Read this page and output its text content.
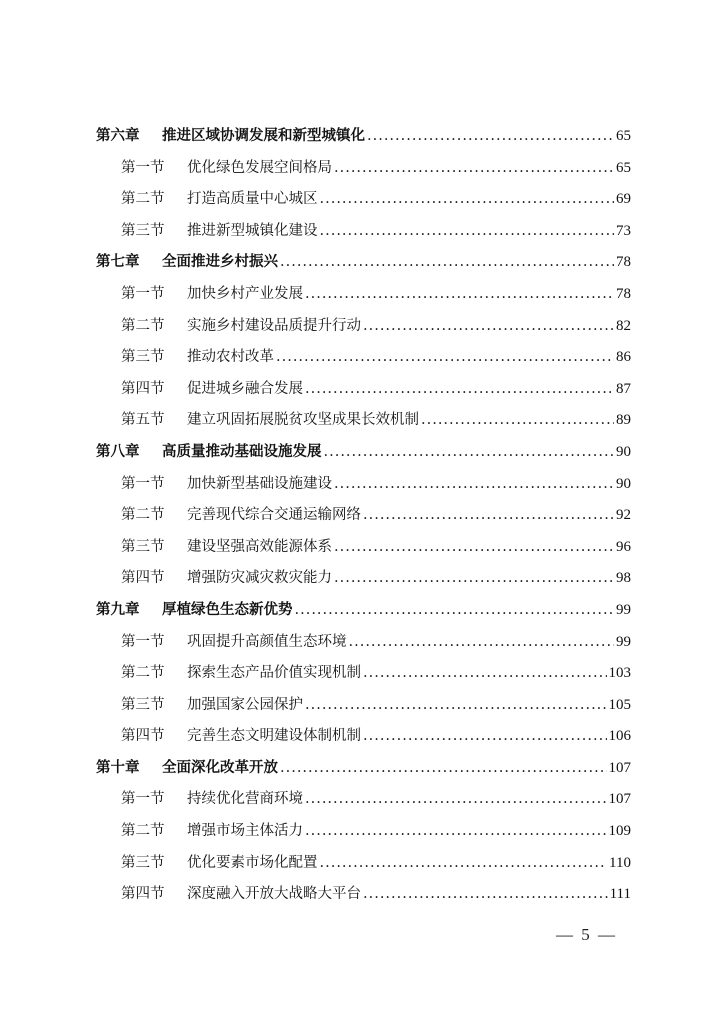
第六章	推进区域协调发展和新型城镇化 .....	65
第一节	优化绿色发展空间格局 .....	65
第二节	打造高质量中心城区 .....	69
第三节	推进新型城镇化建设 .....	73
第七章	全面推进乡村振兴 .....	78
第一节	加快乡村产业发展 .....	78
第二节	实施乡村建设品质提升行动 .....	82
第三节	推动农村改革 .....	86
第四节	促进城乡融合发展 .....	87
第五节	建立巩固拓展脱贫攻坚成果长效机制 .....	89
第八章	高质量推动基础设施发展 .....	90
第一节	加快新型基础设施建设 .....	90
第二节	完善现代综合交通运输网络 .....	92
第三节	建设坚强高效能源体系 .....	96
第四节	增强防灾减灾救灾能力 .....	98
第九章	厚植绿色生态新优势 .....	99
第一节	巩固提升高颜值生态环境 .....	99
第二节	探索生态产品价值实现机制 .....	103
第三节	加强国家公园保护 .....	105
第四节	完善生态文明建设体制机制 .....	106
第十章	全面深化改革开放 .....	107
第一节	持续优化营商环境 .....	107
第二节	增强市场主体活力 .....	109
第三节	优化要素市场化配置 .....	110
第四节	深度融入开放大战略大平台 .....	111
— 5 —
